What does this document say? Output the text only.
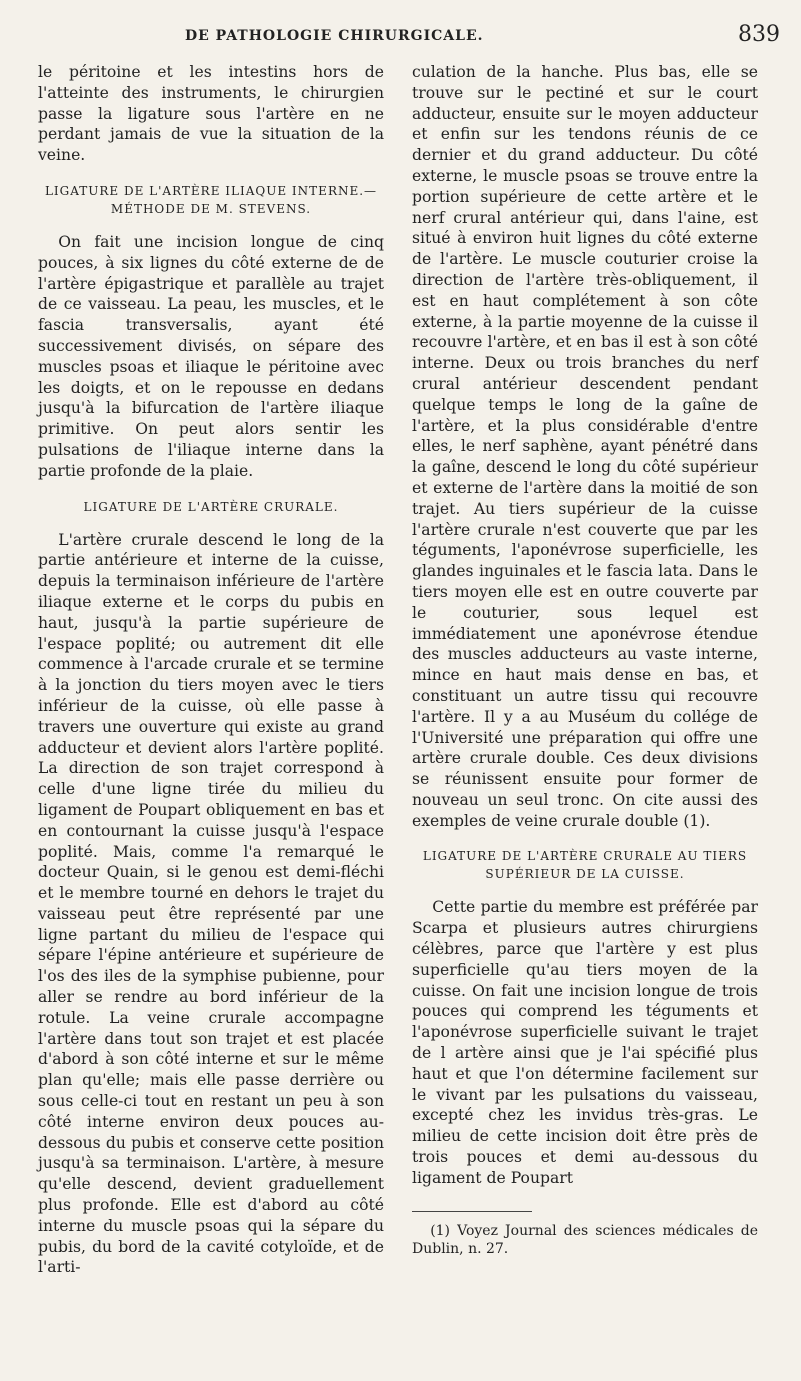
DE PATHOLOGIE CHIRURGICALE.	839

le péritoine et les intestins hors de l'atteinte des instruments, le chirurgien passe la ligature sous l'artère en ne perdant jamais de vue la situation de la veine.

LIGATURE DE L'ARTÈRE ILIAQUE INTERNE.— MÉTHODE DE M. STEVENS.

On fait une incision longue de cinq pouces, à six lignes du côté externe de de l'artère épigastrique et parallèle au trajet de ce vaisseau. La peau, les muscles, et le fascia transversalis, ayant été successivement divisés, on sépare des muscles psoas et iliaque le péritoine avec les doigts, et on le repousse en dedans jusqu'à la bifurcation de l'artère iliaque primitive. On peut alors sentir les pulsations de l'iliaque interne dans la partie profonde de la plaie.

LIGATURE DE L'ARTÈRE CRURALE.

L'artère crurale descend le long de la partie antérieure et interne de la cuisse, depuis la terminaison inférieure de l'artère iliaque externe et le corps du pubis en haut, jusqu'à la partie supérieure de l'espace poplité; ou autrement dit elle commence à l'arcade crurale et se termine à la jonction du tiers moyen avec le tiers inférieur de la cuisse, où elle passe à travers une ouverture qui existe au grand adducteur et devient alors l'artère poplité. La direction de son trajet correspond à celle d'une ligne tirée du milieu du ligament de Poupart obliquement en bas et en contournant la cuisse jusqu'à l'espace poplité. Mais, comme l'a remarqué le docteur Quain, si le genou est demi-fléchi et le membre tourné en dehors le trajet du vaisseau peut être représenté par une ligne partant du milieu de l'espace qui sépare l'épine antérieure et supérieure de l'os des iles de la symphise pubienne, pour aller se rendre au bord inférieur de la rotule. La veine crurale accompagne l'artère dans tout son trajet et est placée d'abord à son côté interne et sur le même plan qu'elle; mais elle passe derrière ou sous celle-ci tout en restant un peu à son côté interne environ deux pouces au-dessous du pubis et conserve cette position jusqu'à sa terminaison. L'artère, à mesure qu'elle descend, devient graduellement plus profonde. Elle est d'abord au côté interne du muscle psoas qui la sépare du pubis, du bord de la cavité cotyloïde, et de l'arti-

culation de la hanche. Plus bas, elle se trouve sur le pectiné et sur le court adducteur, ensuite sur le moyen adducteur et enfin sur les tendons réunis de ce dernier et du grand adducteur. Du côté externe, le muscle psoas se trouve entre la portion supérieure de cette artère et le nerf crural antérieur qui, dans l'aine, est situé à environ huit lignes du côté externe de l'artère. Le muscle couturier croise la direction de l'artère très-obliquement, il est en haut complétement à son côte externe, à la partie moyenne de la cuisse il recouvre l'artère, et en bas il est à son côté interne. Deux ou trois branches du nerf crural antérieur descendent pendant quelque temps le long de la gaîne de l'artère, et la plus considérable d'entre elles, le nerf saphène, ayant pénétré dans la gaîne, descend le long du côté supérieur et externe de l'artère dans la moitié de son trajet. Au tiers supérieur de la cuisse l'artère crurale n'est couverte que par les téguments, l'aponévrose superficielle, les glandes inguinales et le fascia lata. Dans le tiers moyen elle est en outre couverte par le couturier, sous lequel est immédiatement une aponévrose étendue des muscles adducteurs au vaste interne, mince en haut mais dense en bas, et constituant un autre tissu qui recouvre l'artère. Il y a au Muséum du collége de l'Université une préparation qui offre une artère crurale double. Ces deux divisions se réunissent ensuite pour former de nouveau un seul tronc. On cite aussi des exemples de veine crurale double (1).

LIGATURE DE L'ARTÈRE CRURALE AU TIERS SUPÉRIEUR DE LA CUISSE.

Cette partie du membre est préférée par Scarpa et plusieurs autres chirurgiens célèbres, parce que l'artère y est plus superficielle qu'au tiers moyen de la cuisse. On fait une incision longue de trois pouces qui comprend les téguments et l'aponévrose superficielle suivant le trajet de l artère ainsi que je l'ai spécifié plus haut et que l'on détermine facilement sur le vivant par les pulsations du vaisseau, excepté chez les invidus très-gras. Le milieu de cette incision doit être près de trois pouces et demi au-dessous du ligament de Poupart

(1) Voyez Journal des sciences médicales de Dublin, n. 27.
